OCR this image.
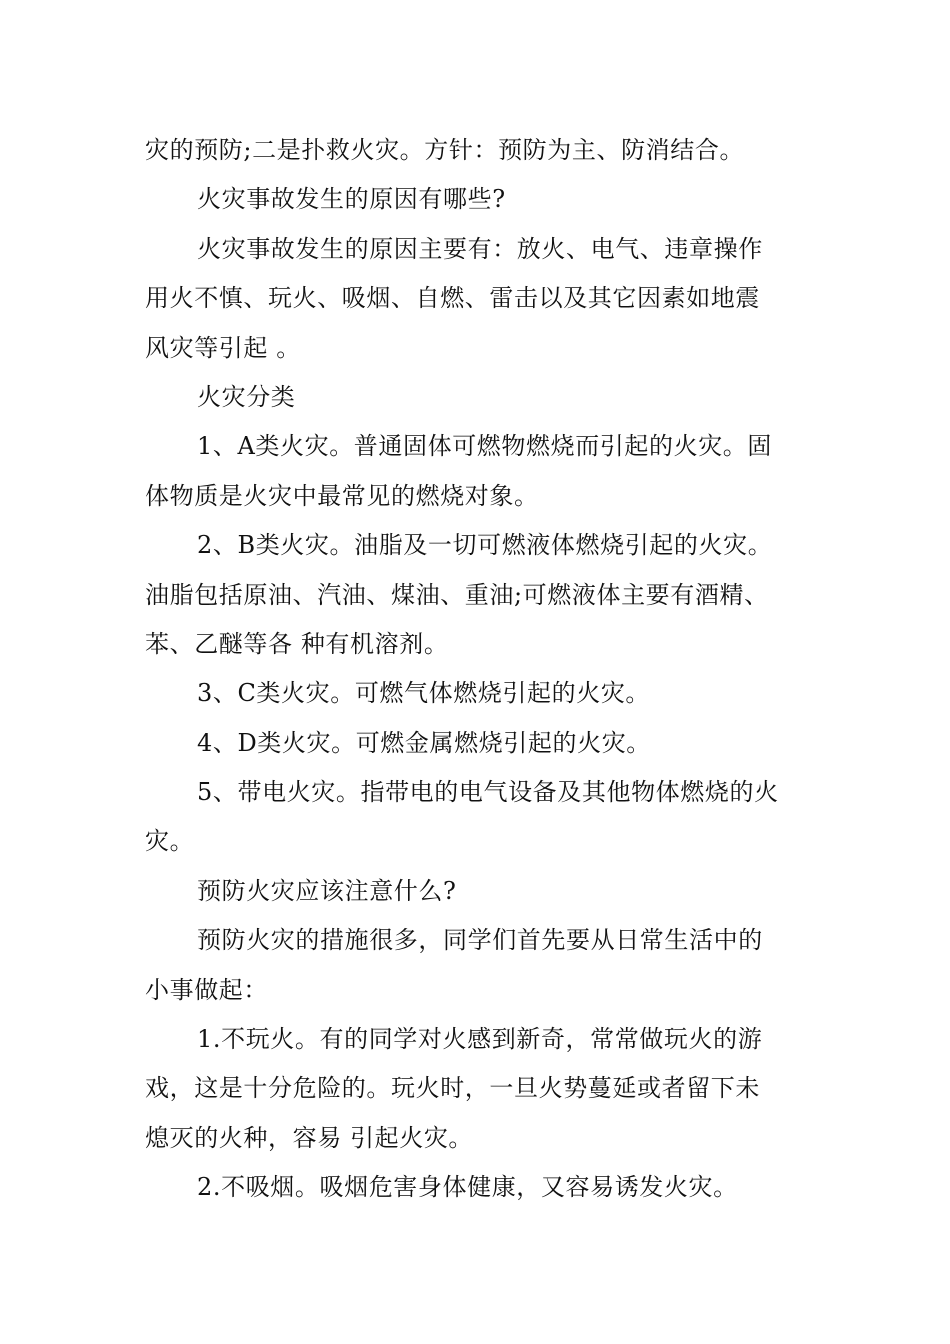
灾的预防;二是扑救火灾。方针：预防为主、防消结合。
火灾事故发生的原因有哪些?
火灾事故发生的原因主要有：放火、电气、违章操作
用火不慎、玩火、吸烟、自燃、雷击以及其它因素如地震
风灾等引起 。
火灾分类
1、A类火灾。普通固体可燃物燃烧而引起的火灾。固
体物质是火灾中最常见的燃烧对象。
2、B类火灾。油脂及一切可燃液体燃烧引起的火灾。
油脂包括原油、汽油、煤油、重油;可燃液体主要有酒精、
苯、乙醚等各 种有机溶剂。
3、C类火灾。可燃气体燃烧引起的火灾。
4、D类火灾。可燃金属燃烧引起的火灾。
5、带电火灾。指带电的电气设备及其他物体燃烧的火
灾。
预防火灾应该注意什么?
预防火灾的措施很多，同学们首先要从日常生活中的
小事做起：
1.不玩火。有的同学对火感到新奇，常常做玩火的游
戏，这是十分危险的。玩火时，一旦火势蔓延或者留下未
熄灭的火种，容易 引起火灾。
2.不吸烟。吸烟危害身体健康，又容易诱发火灾。
